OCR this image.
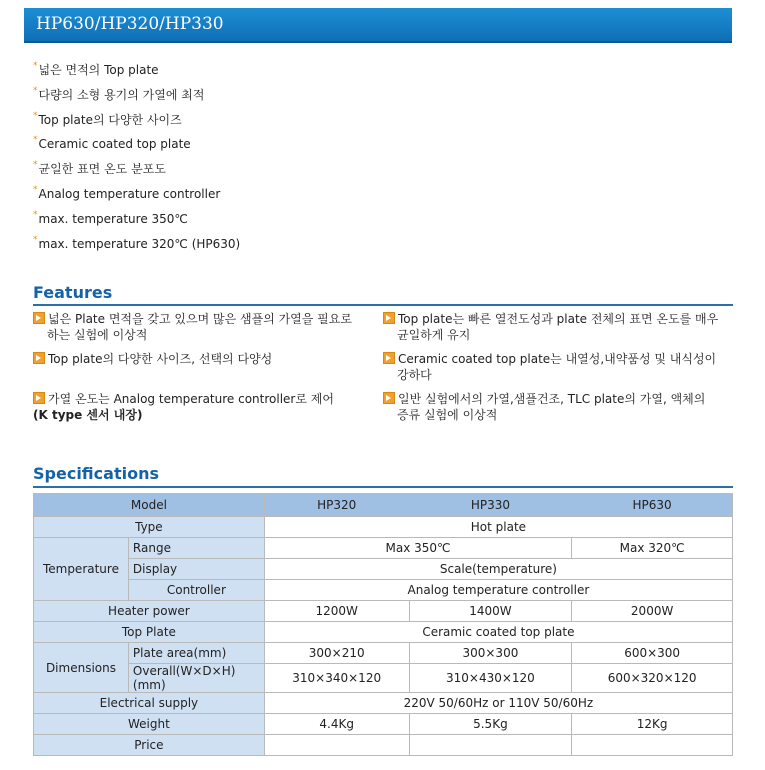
HP630/HP320/HP330
*넓은 면적의 Top plate
*다량의 소형 용기의 가열에 최적
*Top plate의 다양한 사이즈
*Ceramic coated top plate
*균일한 표면 온도 분포도
*Analog temperature controller
*max. temperature 350℃
*max. temperature 320℃ (HP630)
Features
넓은 Plate 면적을 갖고 있으며 많은 샘플의 가열을 필요로
하는 실험에 이상적
Top plate의 다양한 사이즈, 선택의 다양성
가열 온도는 Analog temperature controller로 제어
(K type 센서 내장)
Top plate는 빠른 열전도성과 plate 전체의 표면 온도를 매우
균일하게 유지
Ceramic coated top plate는 내열성,내약품성 및 내식성이
강하다
일반 실험에서의 가열,샘플건조, TLC plate의 가열, 액체의
증류 실험에 이상적
Specifications
Model		HP320	HP330	HP630
Type		Hot plate		
Temperature	Range	Max 350℃		Max 320℃
	Display	Scale(temperature)		
	Controller	Analog temperature controller		
Heater power		1200W	1400W	2000W
Top Plate		Ceramic coated top plate		
Dimensions	Plate area(mm)	300×210	300×300	600×300
	Overall(W×D×H)(mm)	310×340×120	310×430×120	600×320×120
Electrical supply		220V 50/60Hz or 110V 50/60Hz		
Weight		4.4Kg	5.5Kg	12Kg
Price				
